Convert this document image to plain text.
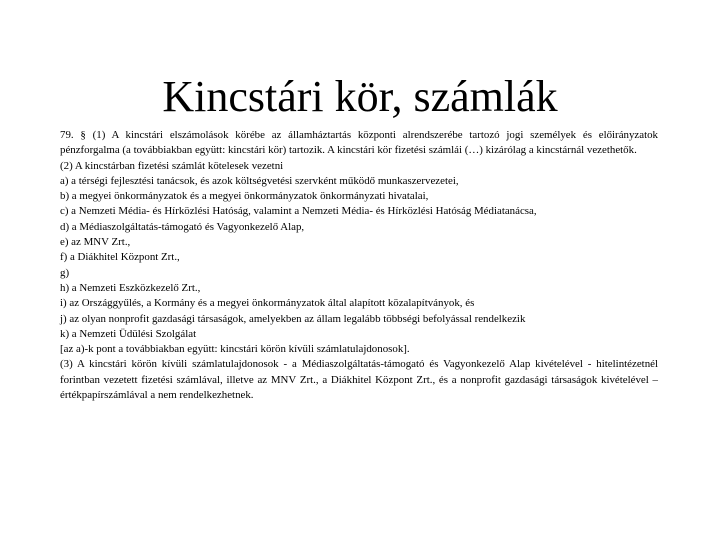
Kincstári kör, számlák

79. § (1) A kincstári elszámolások körébe az államháztartás központi alrendszerébe tartozó jogi személyek és előirányzatok pénzforgalma (a továbbiakban együtt: kincstári kör) tartozik. A kincstári kör fizetési számlái (…) kizárólag a kincstárnál vezethetők.

(2) A kincstárban fizetési számlát kötelesek vezetni

a) a térségi fejlesztési tanácsok, és azok költségvetési szervként működő munkaszervezetei,

b) a megyei önkormányzatok és a megyei önkormányzatok önkormányzati hivatalai,

c) a Nemzeti Média- és Hírközlési Hatóság, valamint a Nemzeti Média- és Hírközlési Hatóság Médiatanácsa,

d) a Médiaszolgáltatás-támogató és Vagyonkezelő Alap,

e) az MNV Zrt.,

f) a Diákhitel Központ Zrt.,

g)

h) a Nemzeti Eszközkezelő Zrt.,

i) az Országgyűlés, a Kormány és a megyei önkormányzatok által alapított közalapítványok, és

j) az olyan nonprofit gazdasági társaságok, amelyekben az állam legalább többségi befolyással rendelkezik

k) a Nemzeti Üdülési Szolgálat

[az a)-k pont a továbbiakban együtt: kincstári körön kívüli számlatulajdonosok].

(3) A kincstári körön kívüli számlatulajdonosok - a Médiaszolgáltatás-támogató és Vagyonkezelő Alap kivételével - hitelintézetnél forintban vezetett fizetési számlával, illetve az MNV Zrt., a Diákhitel Központ Zrt., és a nonprofit gazdasági társaságok kivételével – értékpapírszámlával a nem rendelkezhetnek.
